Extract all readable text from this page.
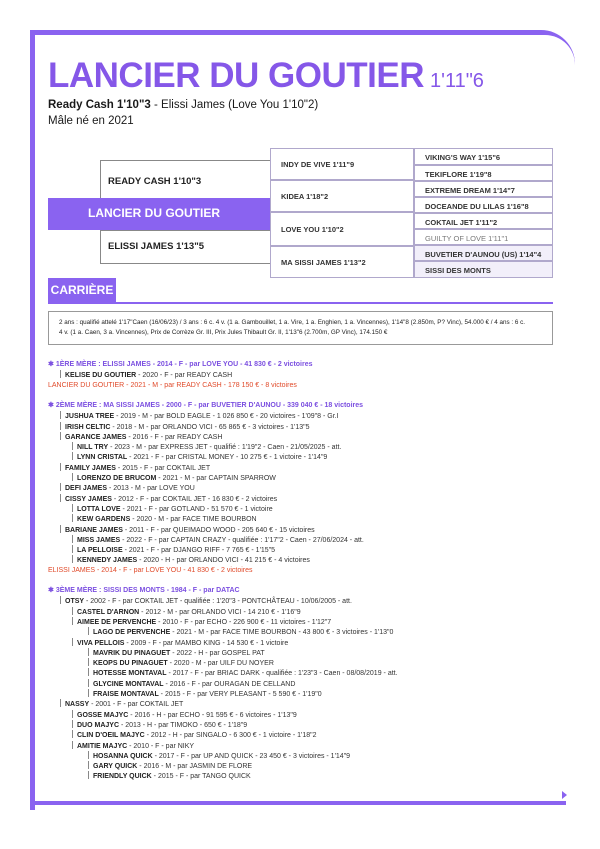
LANCIER DU GOUTIER 1'11"6
Ready Cash 1'10"3 - Elissi James (Love You 1'10"2)
Mâle né en 2021
READY CASH 1'10"3
LANCIER DU GOUTIER
ELISSI JAMES 1'13"5
INDY DE VIVE 1'11"9
KIDEA 1'18"2
LOVE YOU 1'10"2
MA SISSI JAMES 1'13"2
VIKING'S WAY 1'15"6
TEKIFLORE 1'19"8
EXTREME DREAM 1'14"7
DOCEANDE DU LILAS 1'16"8
COKTAIL JET 1'11"2
GUILTY OF LOVE 1'11"1
BUVETIER D'AUNOU (US) 1'14"4
SISSI DES MONTS
CARRIÈRE
2 ans : qualifié attelé 1'17"Caen (16/06/23) / 3 ans : 6 c. 4 v. (1 a. Gambouillet, 1 a. Vire, 1 a. Enghien, 1 a. Vincennes), 1'14"8 (2.850m, P? Vinc), 54.000 € / 4 ans : 6 c.
4 v. (1 a. Caen, 3 a. Vincennes), Prix de Corrèze Gr. III, Prix Jules Thibault Gr. II, 1'13"6 (2.700m, GP Vinc), 174.150 €
✱ 1ÈRE MÈRE : ELISSI JAMES - 2014 - F - par LOVE YOU - 41 830 € - 2 victoires
KELISE DU GOUTIER - 2020 - F - par READY CASH
LANCIER DU GOUTIER - 2021 - M - par READY CASH - 178 150 € - 8 victoires
✱ 2ÈME MÈRE : MA SISSI JAMES - 2000 - F - par BUVETIER D'AUNOU - 339 040 € - 18 victoires
JUSHUA TREE - 2019 - M - par BOLD EAGLE - 1 026 850 € - 20 victoires - 1'09"8 - Gr.I
IRISH CELTIC - 2018 - M - par ORLANDO VICI - 65 865 € - 3 victoires - 1'13"5
GARANCE JAMES - 2016 - F - par READY CASH
NILL TRY - 2023 - M - par EXPRESS JET - qualifié : 1'19"2 - Caen - 21/05/2025 - att.
LYNN CRISTAL - 2021 - F - par CRISTAL MONEY - 10 275 € - 1 victoire - 1'14"9
FAMILY JAMES - 2015 - F - par COKTAIL JET
LORENZO DE BRUCOM - 2021 - M - par CAPTAIN SPARROW
DEFI JAMES - 2013 - M - par LOVE YOU
CISSY JAMES - 2012 - F - par COKTAIL JET - 16 830 € - 2 victoires
LOTTA LOVE - 2021 - F - par GOTLAND - 51 570 € - 1 victoire
KEW GARDENS - 2020 - M - par FACE TIME BOURBON
BARIANE JAMES - 2011 - F - par QUEIMADO WOOD - 205 640 € - 15 victoires
MISS JAMES - 2022 - F - par CAPTAIN CRAZY - qualifiée : 1'17"2 - Caen - 27/06/2024 - att.
LA PELLOISE - 2021 - F - par DJANGO RIFF - 7 765 € - 1'15"5
KENNEDY JAMES - 2020 - H - par ORLANDO VICI - 41 215 € - 4 victoires
ELISSI JAMES - 2014 - F - par LOVE YOU - 41 830 € - 2 victoires
✱ 3ÈME MÈRE : SISSI DES MONTS - 1984 - F - par DATAC
OTSY - 2002 - F - par COKTAIL JET - qualifiée : 1'20"3 - PONTCHÂTEAU - 10/06/2005 - att.
CASTEL D'ARNON - 2012 - M - par ORLANDO VICI - 14 210 € - 1'16"9
AIMEE DE PERVENCHE - 2010 - F - par ECHO - 226 900 € - 11 victoires - 1'12"7
LAGO DE PERVENCHE - 2021 - M - par FACE TIME BOURBON - 43 800 € - 3 victoires - 1'13"0
VIVA PELLOIS - 2009 - F - par MAMBO KING - 14 530 € - 1 victoire
MAVRIK DU PINAGUET - 2022 - H - par GOSPEL PAT
KEOPS DU PINAGUET - 2020 - M - par UILF DU NOYER
HOTESSE MONTAVAL - 2017 - F - par BRIAC DARK - qualifiée : 1'23"3 - Caen - 08/08/2019 - att.
GLYCINE MONTAVAL - 2016 - F - par OURAGAN DE CELLAND
FRAISE MONTAVAL - 2015 - F - par VERY PLEASANT - 5 590 € - 1'19"0
NASSY - 2001 - F - par COKTAIL JET
GOSSE MAJYC - 2016 - H - par ECHO - 91 595 € - 6 victoires - 1'13"9
DUO MAJYC - 2013 - H - par TIMOKO - 650 € - 1'18"9
CLIN D'OEIL MAJYC - 2012 - H - par SINGALO - 6 300 € - 1 victoire - 1'18"2
AMITIE MAJYC - 2010 - F - par NIKY
HOSANNA QUICK - 2017 - F - par UP AND QUICK - 23 450 € - 3 victoires - 1'14"9
GARY QUICK - 2016 - M - par JASMIN DE FLORE
FRIENDLY QUICK - 2015 - F - par TANGO QUICK
